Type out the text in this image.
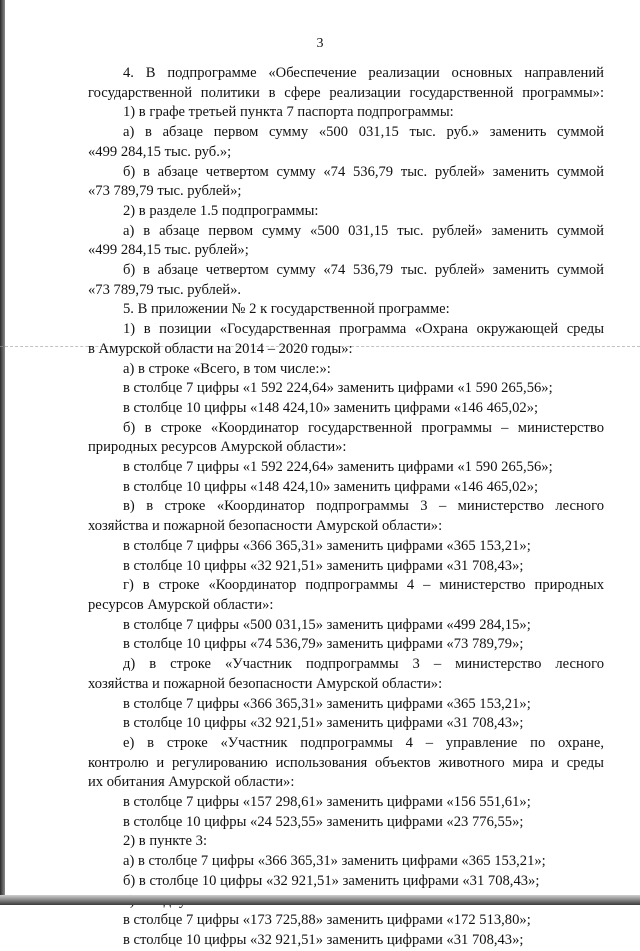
3
4. В подпрограмме «Обеспечение реализации основных направлений
государственной политики в сфере реализации государственной программы»:
1) в графе третьей пункта 7 паспорта подпрограммы:
а) в абзаце первом сумму «500 031,15 тыс. руб.» заменить суммой
«499 284,15 тыс. руб.»;
б) в абзаце четвертом сумму «74 536,79 тыс. рублей» заменить суммой
«73 789,79 тыс. рублей»;
2) в разделе 1.5 подпрограммы:
а) в абзаце первом сумму «500 031,15 тыс. рублей» заменить суммой
«499 284,15 тыс. рублей»;
б) в абзаце четвертом сумму «74 536,79 тыс. рублей» заменить суммой
«73 789,79 тыс. рублей».
5. В приложении № 2 к государственной программе:
1) в позиции «Государственная программа «Охрана окружающей среды
в Амурской области на 2014 – 2020 годы»:
а) в строке «Всего, в том числе:»:
в столбце 7 цифры «1 592 224,64» заменить цифрами «1 590 265,56»;
в столбце 10 цифры «148 424,10» заменить цифрами «146 465,02»;
б) в строке «Координатор государственной программы – министерство
природных ресурсов Амурской области»:
в столбце 7 цифры «1 592 224,64» заменить цифрами «1 590 265,56»;
в столбце 10 цифры «148 424,10» заменить цифрами «146 465,02»;
в) в строке «Координатор подпрограммы 3 – министерство лесного
хозяйства и пожарной безопасности Амурской области»:
в столбце 7 цифры «366 365,31» заменить цифрами «365 153,21»;
в столбце 10 цифры «32 921,51» заменить цифрами «31 708,43»;
г) в строке «Координатор подпрограммы 4 – министерство природных
ресурсов Амурской области»:
в столбце 7 цифры «500 031,15» заменить цифрами «499 284,15»;
в столбце 10 цифры «74 536,79» заменить цифрами «73 789,79»;
д) в строке «Участник подпрограммы 3 – министерство лесного
хозяйства и пожарной безопасности Амурской области»:
в столбце 7 цифры «366 365,31» заменить цифрами «365 153,21»;
в столбце 10 цифры «32 921,51» заменить цифрами «31 708,43»;
е) в строке «Участник подпрограммы 4 – управление по охране,
контролю и регулированию использования объектов животного мира и среды
их обитания Амурской области»:
в столбце 7 цифры «157 298,61» заменить цифрами «156 551,61»;
в столбце 10 цифры «24 523,55» заменить цифрами «23 776,55»;
2) в пункте 3:
а) в столбце 7 цифры «366 365,31» заменить цифрами «365 153,21»;
б) в столбце 10 цифры «32 921,51» заменить цифрами «31 708,43»;
в столбце 7 цифры «173 725,88» заменить цифрами «172 513,80»;
в столбце 10 цифры «32 921,51» заменить цифрами «31 708,43»;
